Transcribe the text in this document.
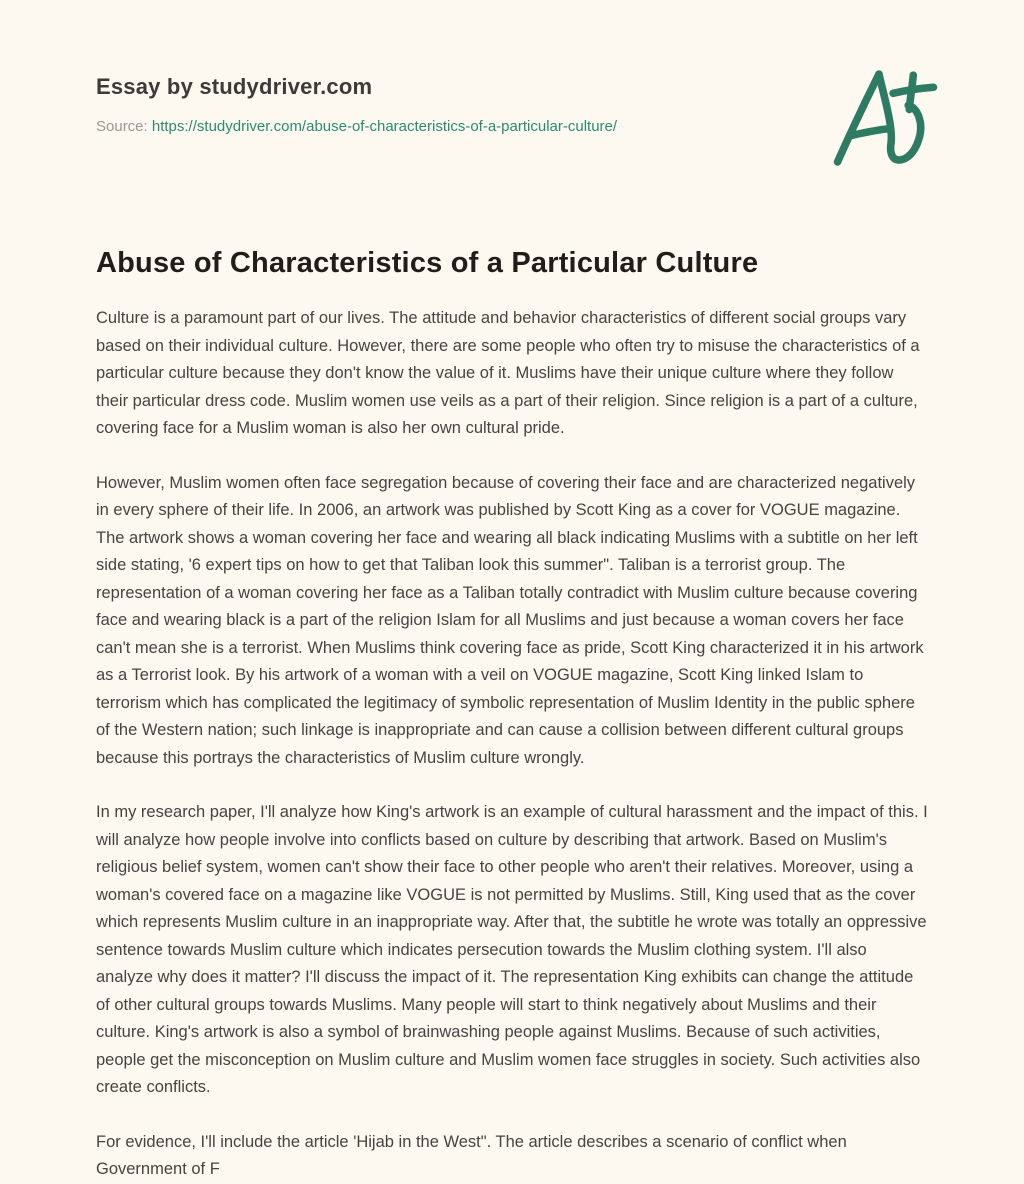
Essay by studydriver.com
Source: https://studydriver.com/abuse-of-characteristics-of-a-particular-culture/
Abuse of Characteristics of a Particular Culture

Culture is a paramount part of our lives. The attitude and behavior characteristics of different social groups vary based on their individual culture. However, there are some people who often try to misuse the characteristics of a particular culture because they don't know the value of it. Muslims have their unique culture where they follow their particular dress code. Muslim women use veils as a part of their religion. Since religion is a part of a culture, covering face for a Muslim woman is also her own cultural pride.

However, Muslim women often face segregation because of covering their face and are characterized negatively in every sphere of their life. In 2006, an artwork was published by Scott King as a cover for VOGUE magazine. The artwork shows a woman covering her face and wearing all black indicating Muslims with a subtitle on her left side stating, '6 expert tips on how to get that Taliban look this summer". Taliban is a terrorist group. The representation of a woman covering her face as a Taliban totally contradict with Muslim culture because covering face and wearing black is a part of the religion Islam for all Muslims and just because a woman covers her face can't mean she is a terrorist. When Muslims think covering face as pride, Scott King characterized it in his artwork as a Terrorist look. By his artwork of a woman with a veil on VOGUE magazine, Scott King linked Islam to terrorism which has complicated the legitimacy of symbolic representation of Muslim Identity in the public sphere of the Western nation; such linkage is inappropriate and can cause a collision between different cultural groups because this portrays the characteristics of Muslim culture wrongly.

In my research paper, I'll analyze how King's artwork is an example of cultural harassment and the impact of this. I will analyze how people involve into conflicts based on culture by describing that artwork. Based on Muslim's religious belief system, women can't show their face to other people who aren't their relatives. Moreover, using a woman's covered face on a magazine like VOGUE is not permitted by Muslims. Still, King used that as the cover which represents Muslim culture in an inappropriate way. After that, the subtitle he wrote was totally an oppressive sentence towards Muslim culture which indicates persecution towards the Muslim clothing system. I'll also analyze why does it matter? I'll discuss the impact of it. The representation King exhibits can change the attitude of other cultural groups towards Muslims. Many people will start to think negatively about Muslims and their culture. King's artwork is also a symbol of brainwashing people against Muslims. Because of such activities, people get the misconception on Muslim culture and Muslim women face struggles in society. Such activities also create conflicts.

For evidence, I'll include the article 'Hijab in the West". The article describes a scenario of conflict when Government of F
